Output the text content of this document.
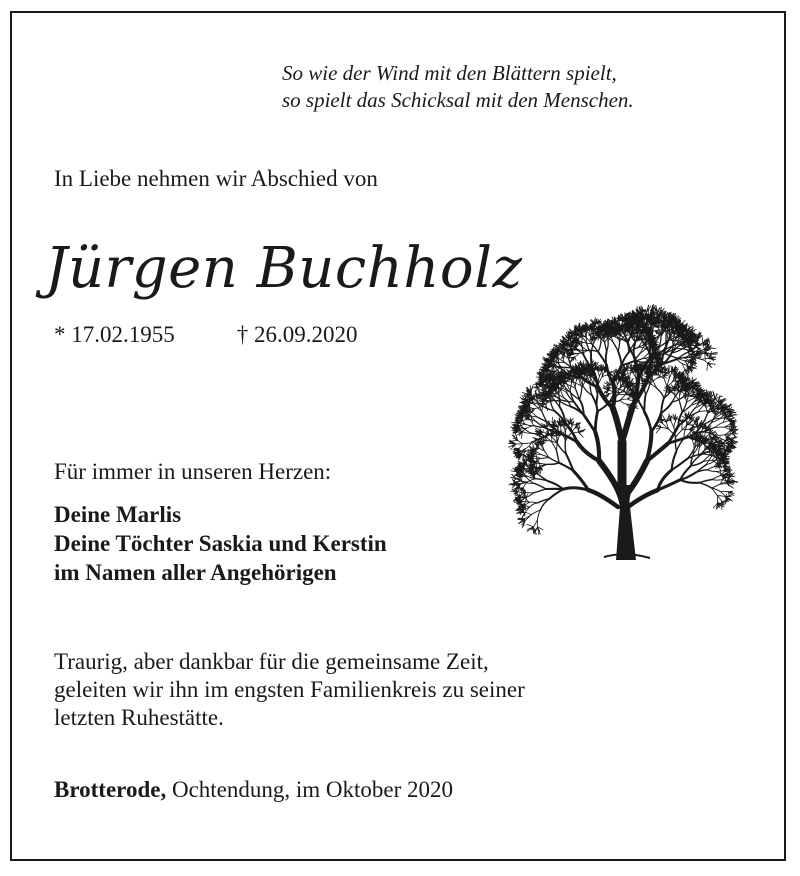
So wie der Wind mit den Blättern spielt,
so spielt das Schicksal mit den Menschen.
In Liebe nehmen wir Abschied von
Jürgen Buchholz
* 17.02.1955	† 26.09.2020
Für immer in unseren Herzen:
Deine Marlis
Deine Töchter Saskia und Kerstin
im Namen aller Angehörigen
Traurig, aber dankbar für die gemeinsame Zeit,
geleiten wir ihn im engsten Familienkreis zu seiner
letzten Ruhestätte.
Brotterode, Ochtendung, im Oktober 2020
